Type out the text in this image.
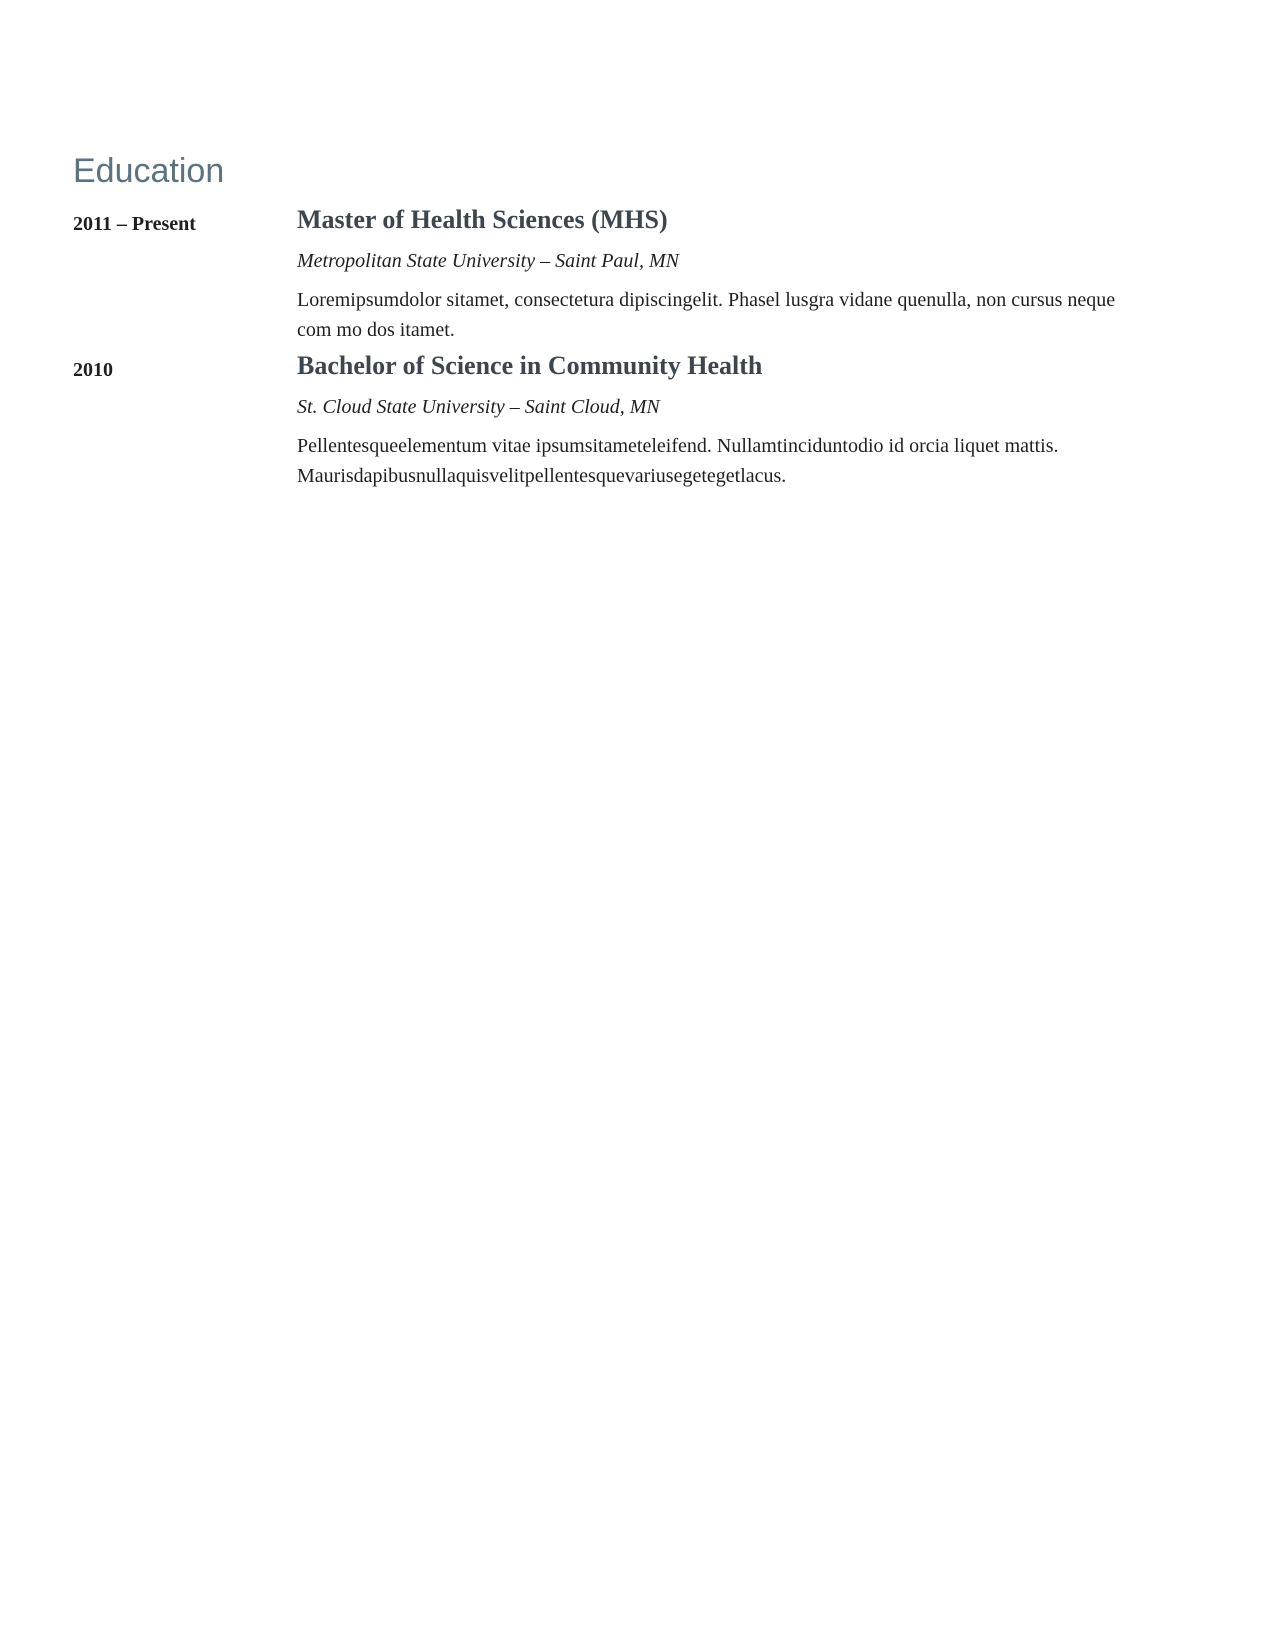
Education
2011 – Present	Master of Health Sciences (MHS)
Metropolitan State University – Saint Paul, MN

Loremipsumdolor sitamet, consectetura dipiscingelit. Phasel lusgra vidane quenulla, non cursus neque com mo dos itamet.

2010	Bachelor of Science in Community Health
St. Cloud State University – Saint Cloud, MN

Pellentesqueelementum vitae ipsumsitameteleifend. Nullamtinciduntodio id orcia liquet mattis. Maurisdapibusnullaquisvelitpellentesquevariusegetegetlacus.
